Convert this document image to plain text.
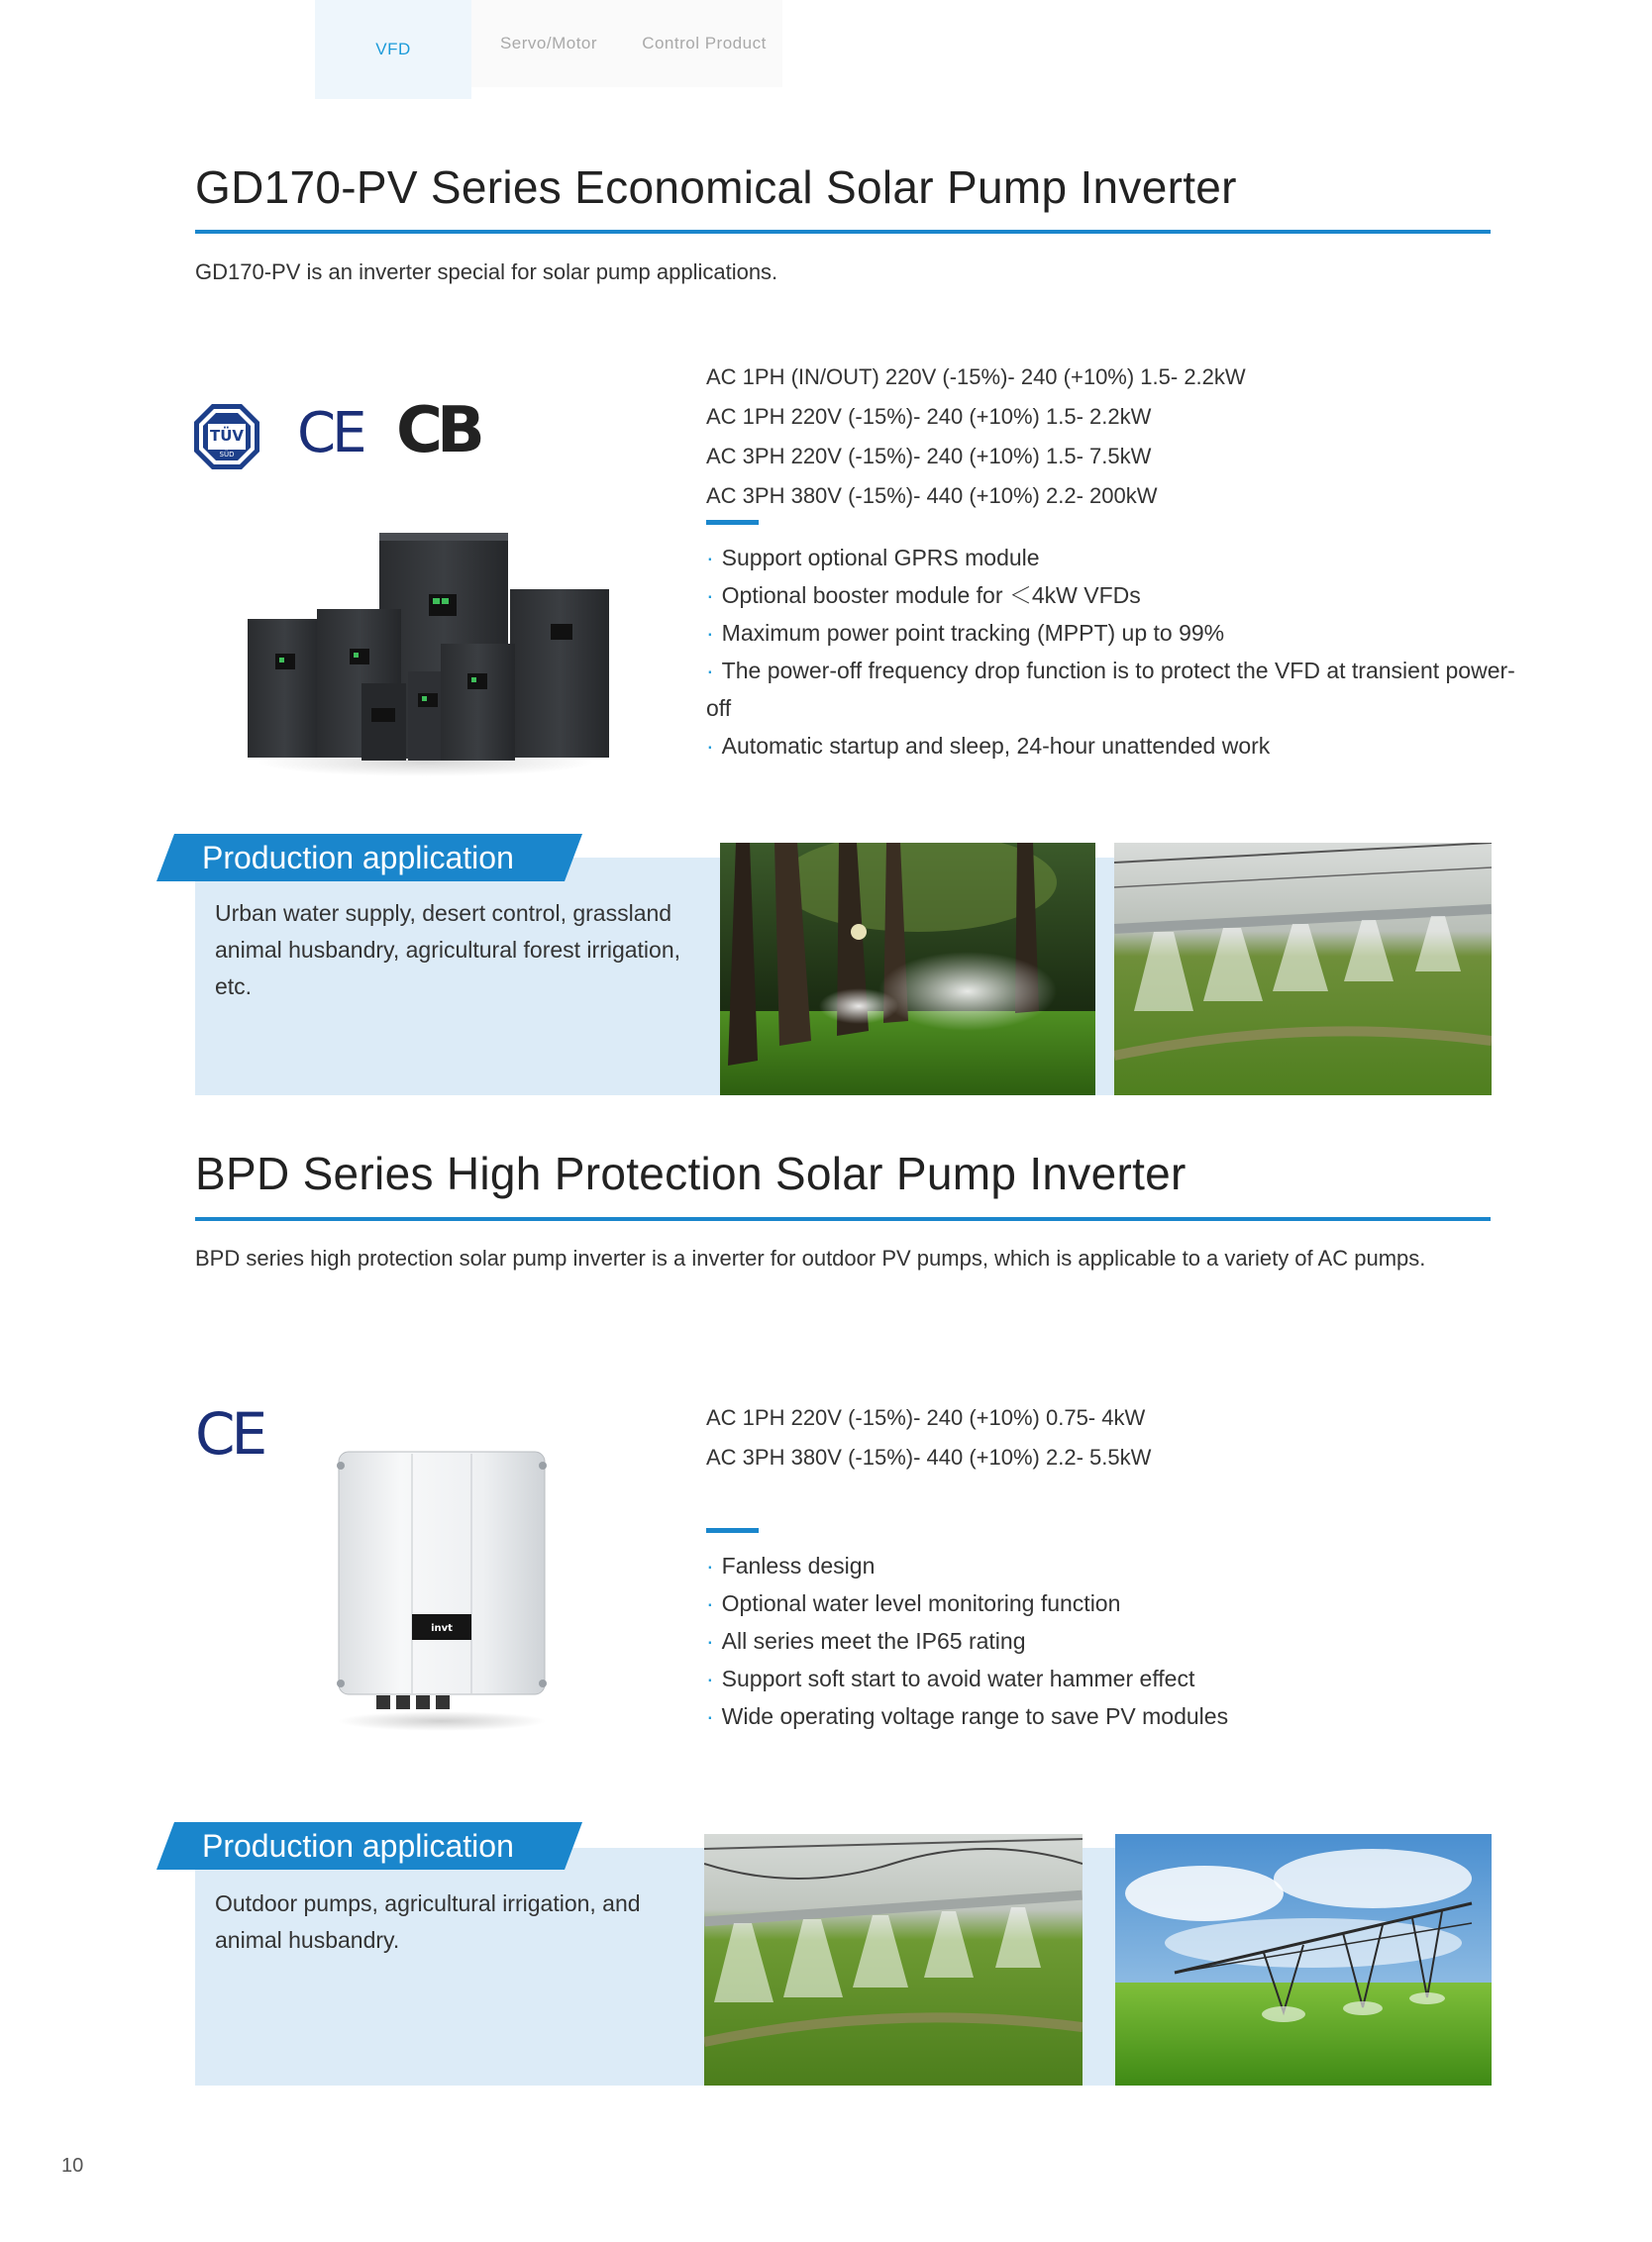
VFD	Servo/Motor	Control Product
GD170-PV Series Economical Solar Pump Inverter
GD170-PV is an inverter special for solar pump applications.
TÜV
SÜD CE CB
AC 1PH (IN/OUT) 220V (-15%)- 240 (+10%) 1.5- 2.2kW
AC 1PH 220V (-15%)- 240 (+10%) 1.5- 2.2kW
AC 3PH 220V (-15%)- 240 (+10%) 1.5- 7.5kW
AC 3PH 380V (-15%)- 440 (+10%) 2.2- 200kW
· Support optional GPRS module
· Optional booster module for ＜4kW VFDs
· Maximum power point tracking (MPPT) up to 99%
· The power-off frequency drop function is to protect the VFD at transient power-off
· Automatic startup and sleep, 24-hour unattended work
Production application
Urban water supply, desert control, grassland animal husbandry, agricultural forest irrigation, etc.
BPD Series High Protection Solar Pump Inverter
BPD series high protection solar pump inverter is a inverter for outdoor PV pumps, which is applicable to a variety of AC pumps.
CE
invt
AC 1PH 220V (-15%)- 240 (+10%) 0.75- 4kW
AC 3PH 380V (-15%)- 440 (+10%) 2.2- 5.5kW
· Fanless design
· Optional water level monitoring function
· All series meet the IP65 rating
· Support soft start to avoid water hammer effect
· Wide operating voltage range to save PV modules
Production application
Outdoor pumps, agricultural irrigation, and animal husbandry.
10
